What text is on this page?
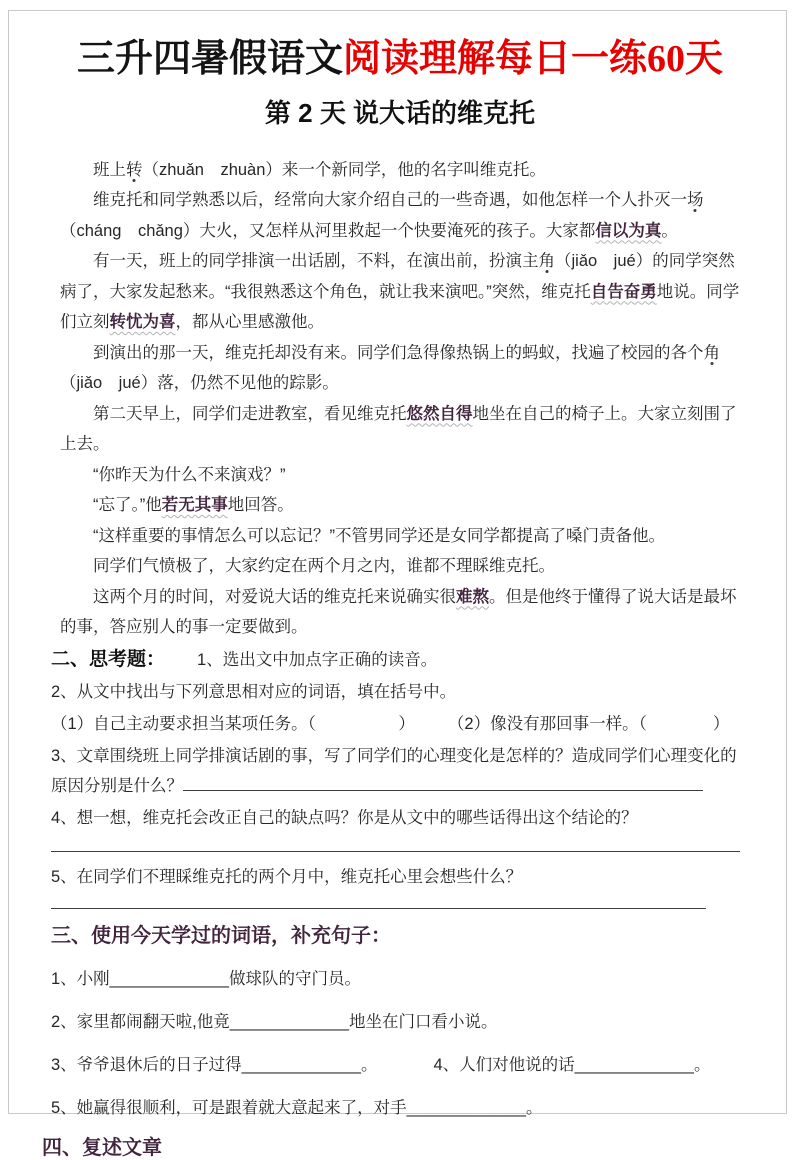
三升四暑假语文阅读理解每日一练60天
第 2 天 说大话的维克托

班上转（zhuǎn　zhuàn）来一个新同学，他的名字叫维克托。

维克托和同学熟悉以后，经常向大家介绍自己的一些奇遇，如他怎样一个人扑灭一场（cháng　chǎng）大火，又怎样从河里救起一个快要淹死的孩子。大家都信以为真。

有一天，班上的同学排演一出话剧，不料，在演出前，扮演主角（jiǎo　jué）的同学突然病了，大家发起愁来。“我很熟悉这个角色，就让我来演吧。”突然，维克托自告奋勇地说。同学们立刻转忧为喜，都从心里感激他。

到演出的那一天，维克托却没有来。同学们急得像热锅上的蚂蚁，找遍了校园的各个角（jiǎo　jué）落，仍然不见他的踪影。

第二天早上，同学们走进教室，看见维克托悠然自得地坐在自己的椅子上。大家立刻围了上去。

“你昨天为什么不来演戏？”

“忘了。”他若无其事地回答。

“这样重要的事情怎么可以忘记？”不管男同学还是女同学都提高了嗓门责备他。

同学们气愤极了，大家约定在两个月之内，谁都不理睬维克托。

这两个月的时间，对爱说大话的维克托来说确实很难熬。但是他终于懂得了说大话是最坏的事，答应别人的事一定要做到。

二、思考题： 1、选出文中加点字正确的读音。
2、从文中找出与下列意思相对应的词语，填在括号中。
（1）自己主动要求担当某项任务。（　　　　　）　　　（2）像没有那回事一样。（　　　　）
3、文章围绕班上同学排演话剧的事，写了同学们的心理变化是怎样的？造成同学们心理变化的原因分别是什么？
4、想一想，维克托会改正自己的缺点吗？你是从文中的哪些话得出这个结论的？
5、在同学们不理睬维克托的两个月中，维克托心里会想些什么？
三、使用今天学过的词语，补充句子：
1、小刚_____________做球队的守门员。
2、家里都闹翻天啦,他竟_____________地坐在门口看小说。
3、爷爷退休后的日子过得_____________。	4、人们对他说的话_____________。
5、她赢得很顺利，可是跟着就大意起来了，对手_____________。
四、复述文章
